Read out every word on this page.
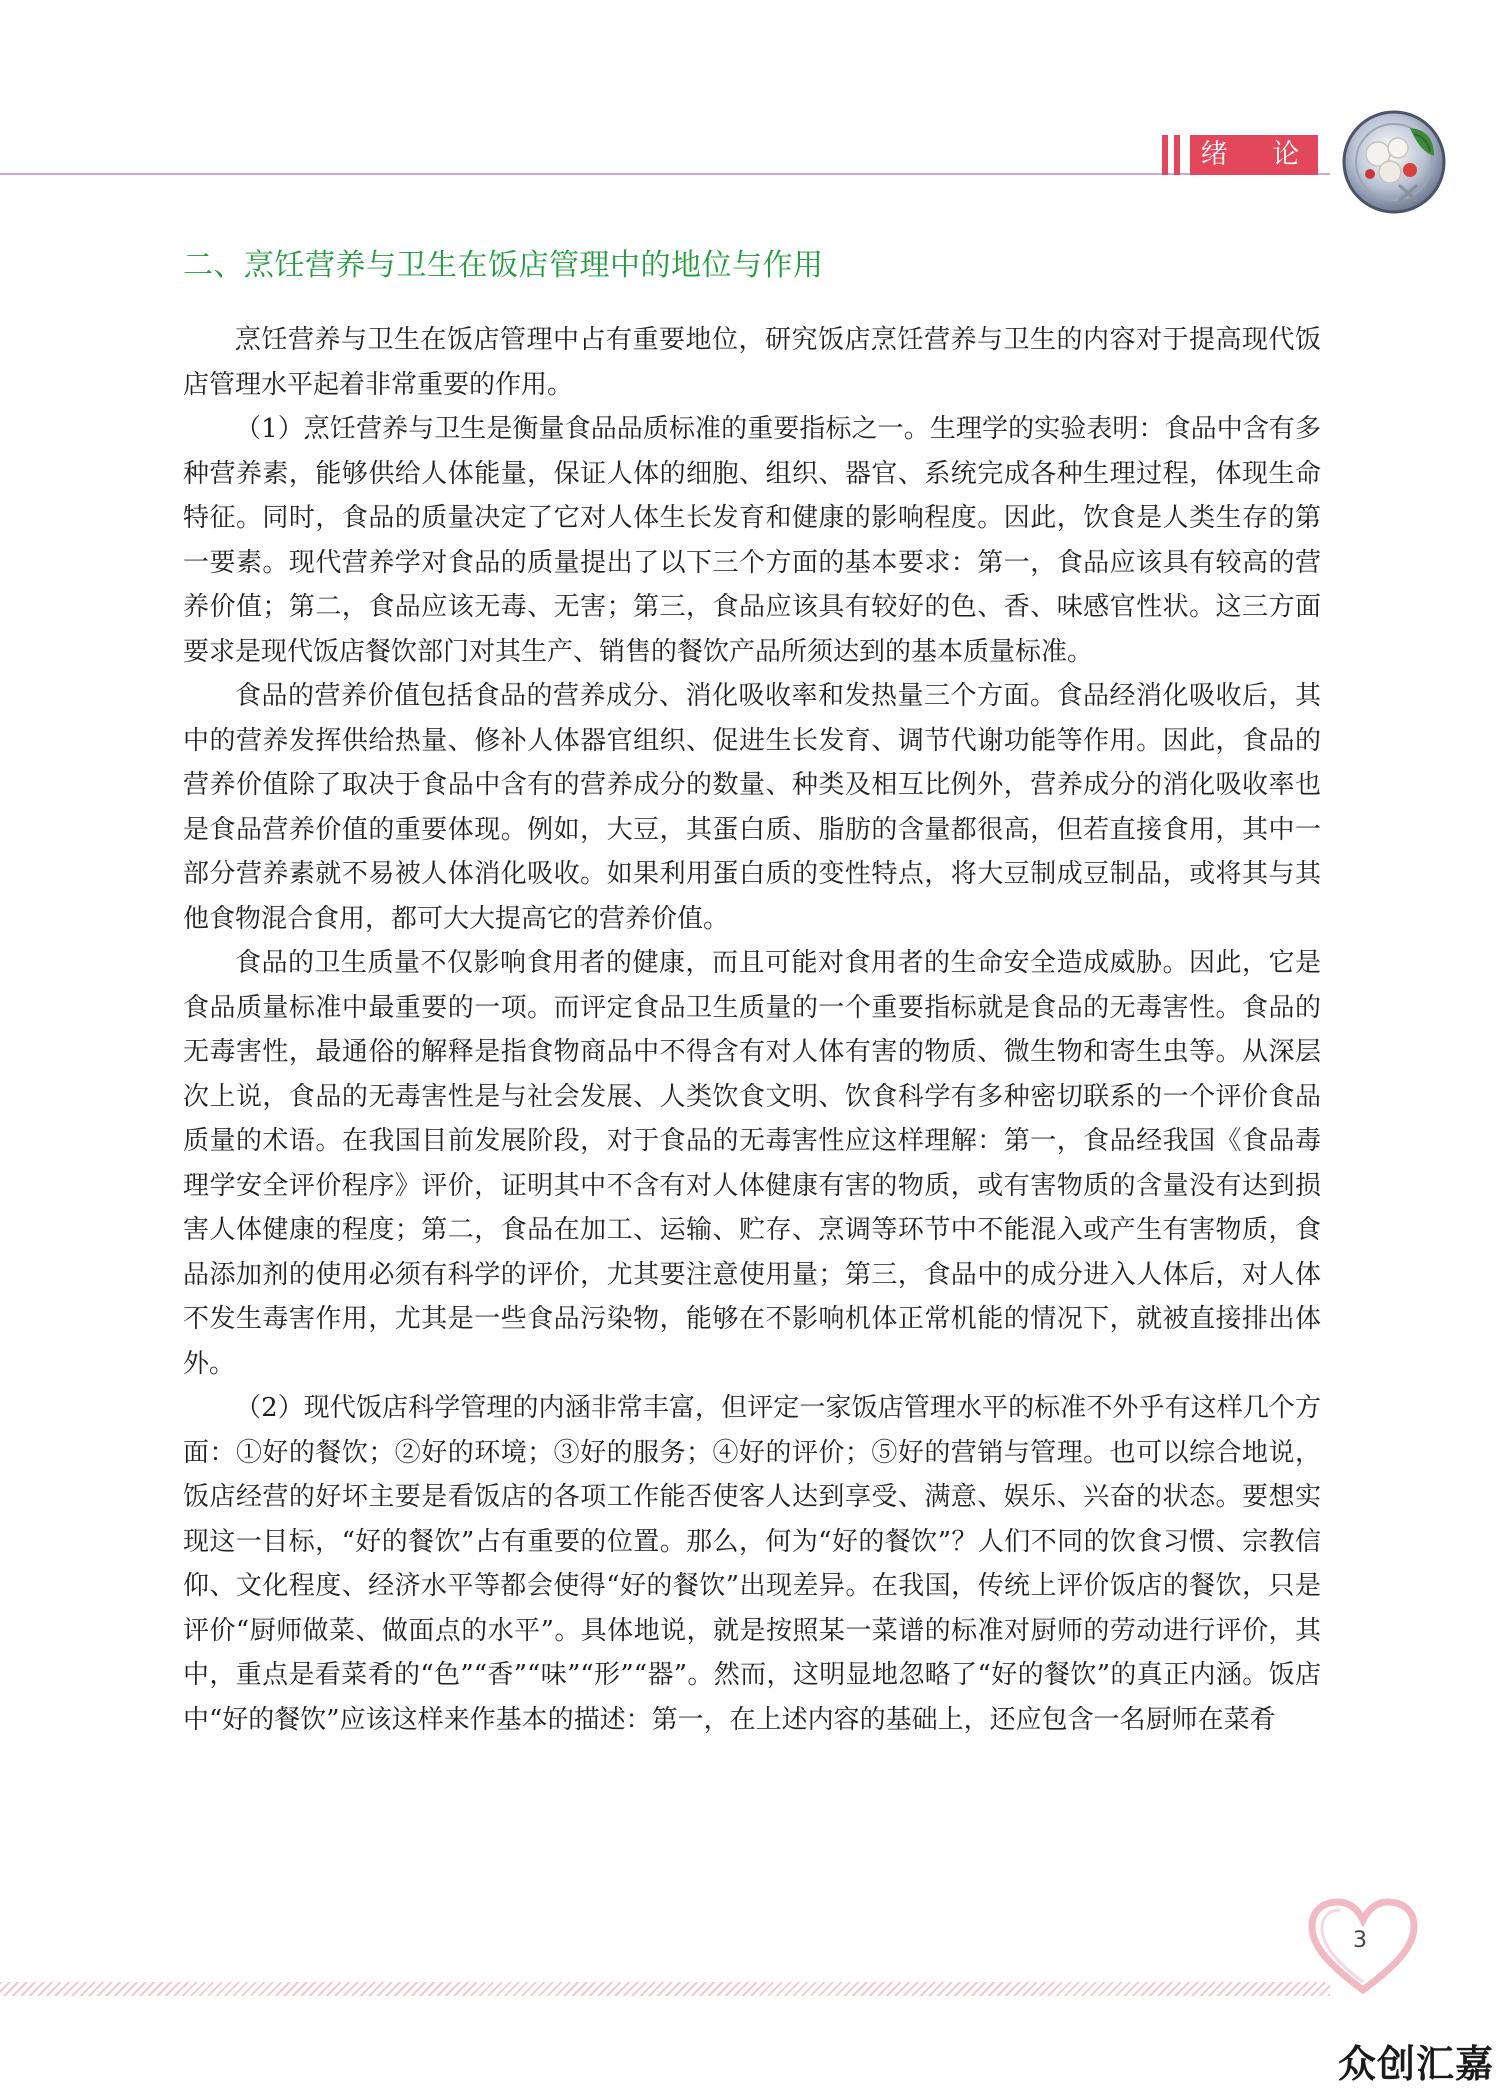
绪 论
二、烹饪营养与卫生在饭店管理中的地位与作用

烹饪营养与卫生在饭店管理中占有重要地位，研究饭店烹饪营养与卫生的内容对于提高现代饭店管理水平起着非常重要的作用。

（1）烹饪营养与卫生是衡量食品品质标准的重要指标之一。生理学的实验表明：食品中含有多种营养素，能够供给人体能量，保证人体的细胞、组织、器官、系统完成各种生理过程，体现生命特征。同时，食品的质量决定了它对人体生长发育和健康的影响程度。因此，饮食是人类生存的第一要素。现代营养学对食品的质量提出了以下三个方面的基本要求：第一，食品应该具有较高的营养价值；第二，食品应该无毒、无害；第三，食品应该具有较好的色、香、味感官性状。这三方面要求是现代饭店餐饮部门对其生产、销售的餐饮产品所须达到的基本质量标准。

食品的营养价值包括食品的营养成分、消化吸收率和发热量三个方面。食品经消化吸收后，其中的营养发挥供给热量、修补人体器官组织、促进生长发育、调节代谢功能等作用。因此，食品的营养价值除了取决于食品中含有的营养成分的数量、种类及相互比例外，营养成分的消化吸收率也是食品营养价值的重要体现。例如，大豆，其蛋白质、脂肪的含量都很高，但若直接食用，其中一部分营养素就不易被人体消化吸收。如果利用蛋白质的变性特点，将大豆制成豆制品，或将其与其他食物混合食用，都可大大提高它的营养价值。

食品的卫生质量不仅影响食用者的健康，而且可能对食用者的生命安全造成威胁。因此，它是食品质量标准中最重要的一项。而评定食品卫生质量的一个重要指标就是食品的无毒害性。食品的无毒害性，最通俗的解释是指食物商品中不得含有对人体有害的物质、微生物和寄生虫等。从深层次上说，食品的无毒害性是与社会发展、人类饮食文明、饮食科学有多种密切联系的一个评价食品质量的术语。在我国目前发展阶段，对于食品的无毒害性应这样理解：第一，食品经我国《食品毒理学安全评价程序》评价，证明其中不含有对人体健康有害的物质，或有害物质的含量没有达到损害人体健康的程度；第二，食品在加工、运输、贮存、烹调等环节中不能混入或产生有害物质，食品添加剂的使用必须有科学的评价，尤其要注意使用量；第三，食品中的成分进入人体后，对人体不发生毒害作用，尤其是一些食品污染物，能够在不影响机体正常机能的情况下，就被直接排出体外。

（2）现代饭店科学管理的内涵非常丰富，但评定一家饭店管理水平的标准不外乎有这样几个方面：①好的餐饮；②好的环境；③好的服务；④好的评价；⑤好的营销与管理。也可以综合地说，饭店经营的好坏主要是看饭店的各项工作能否使客人达到享受、满意、娱乐、兴奋的状态。要想实现这一目标，“好的餐饮”占有重要的位置。那么，何为“好的餐饮”？人们不同的饮食习惯、宗教信仰、文化程度、经济水平等都会使得“好的餐饮”出现差异。在我国，传统上评价饭店的餐饮，只是评价“厨师做菜、做面点的水平”。具体地说，就是按照某一菜谱的标准对厨师的劳动进行评价，其中，重点是看菜肴的“色”“香”“味”“形”“器”。然而，这明显地忽略了“好的餐饮”的真正内涵。饭店中“好的餐饮”应该这样来作基本的描述：第一，在上述内容的基础上，还应包含一名厨师在菜肴

3
众创汇嘉
